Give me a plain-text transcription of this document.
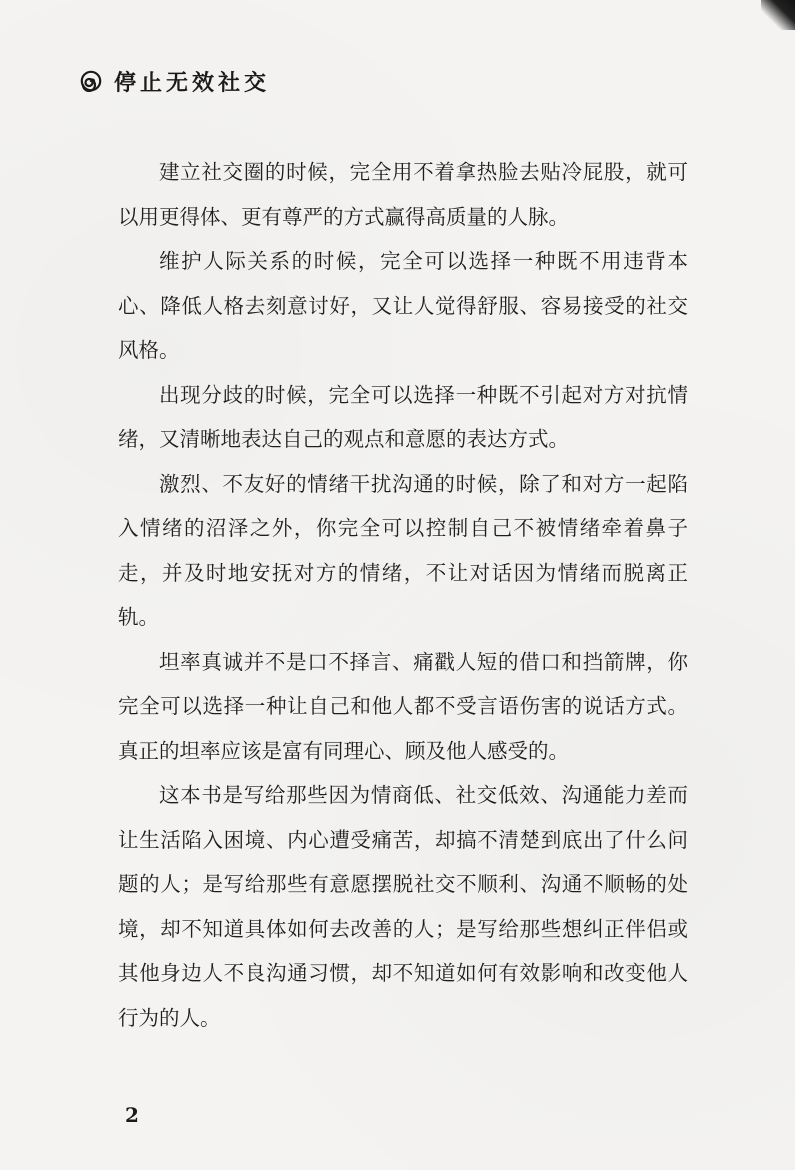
停止无效社交

建立社交圈的时候，完全用不着拿热脸去贴冷屁股，就可以用更得体、更有尊严的方式赢得高质量的人脉。

维护人际关系的时候，完全可以选择一种既不用违背本心、降低人格去刻意讨好，又让人觉得舒服、容易接受的社交风格。

出现分歧的时候，完全可以选择一种既不引起对方对抗情绪，又清晰地表达自己的观点和意愿的表达方式。

激烈、不友好的情绪干扰沟通的时候，除了和对方一起陷入情绪的沼泽之外，你完全可以控制自己不被情绪牵着鼻子走，并及时地安抚对方的情绪，不让对话因为情绪而脱离正轨。

坦率真诚并不是口不择言、痛戳人短的借口和挡箭牌，你完全可以选择一种让自己和他人都不受言语伤害的说话方式。真正的坦率应该是富有同理心、顾及他人感受的。

这本书是写给那些因为情商低、社交低效、沟通能力差而让生活陷入困境、内心遭受痛苦，却搞不清楚到底出了什么问题的人；是写给那些有意愿摆脱社交不顺利、沟通不顺畅的处境，却不知道具体如何去改善的人；是写给那些想纠正伴侣或其他身边人不良沟通习惯，却不知道如何有效影响和改变他人行为的人。

2
